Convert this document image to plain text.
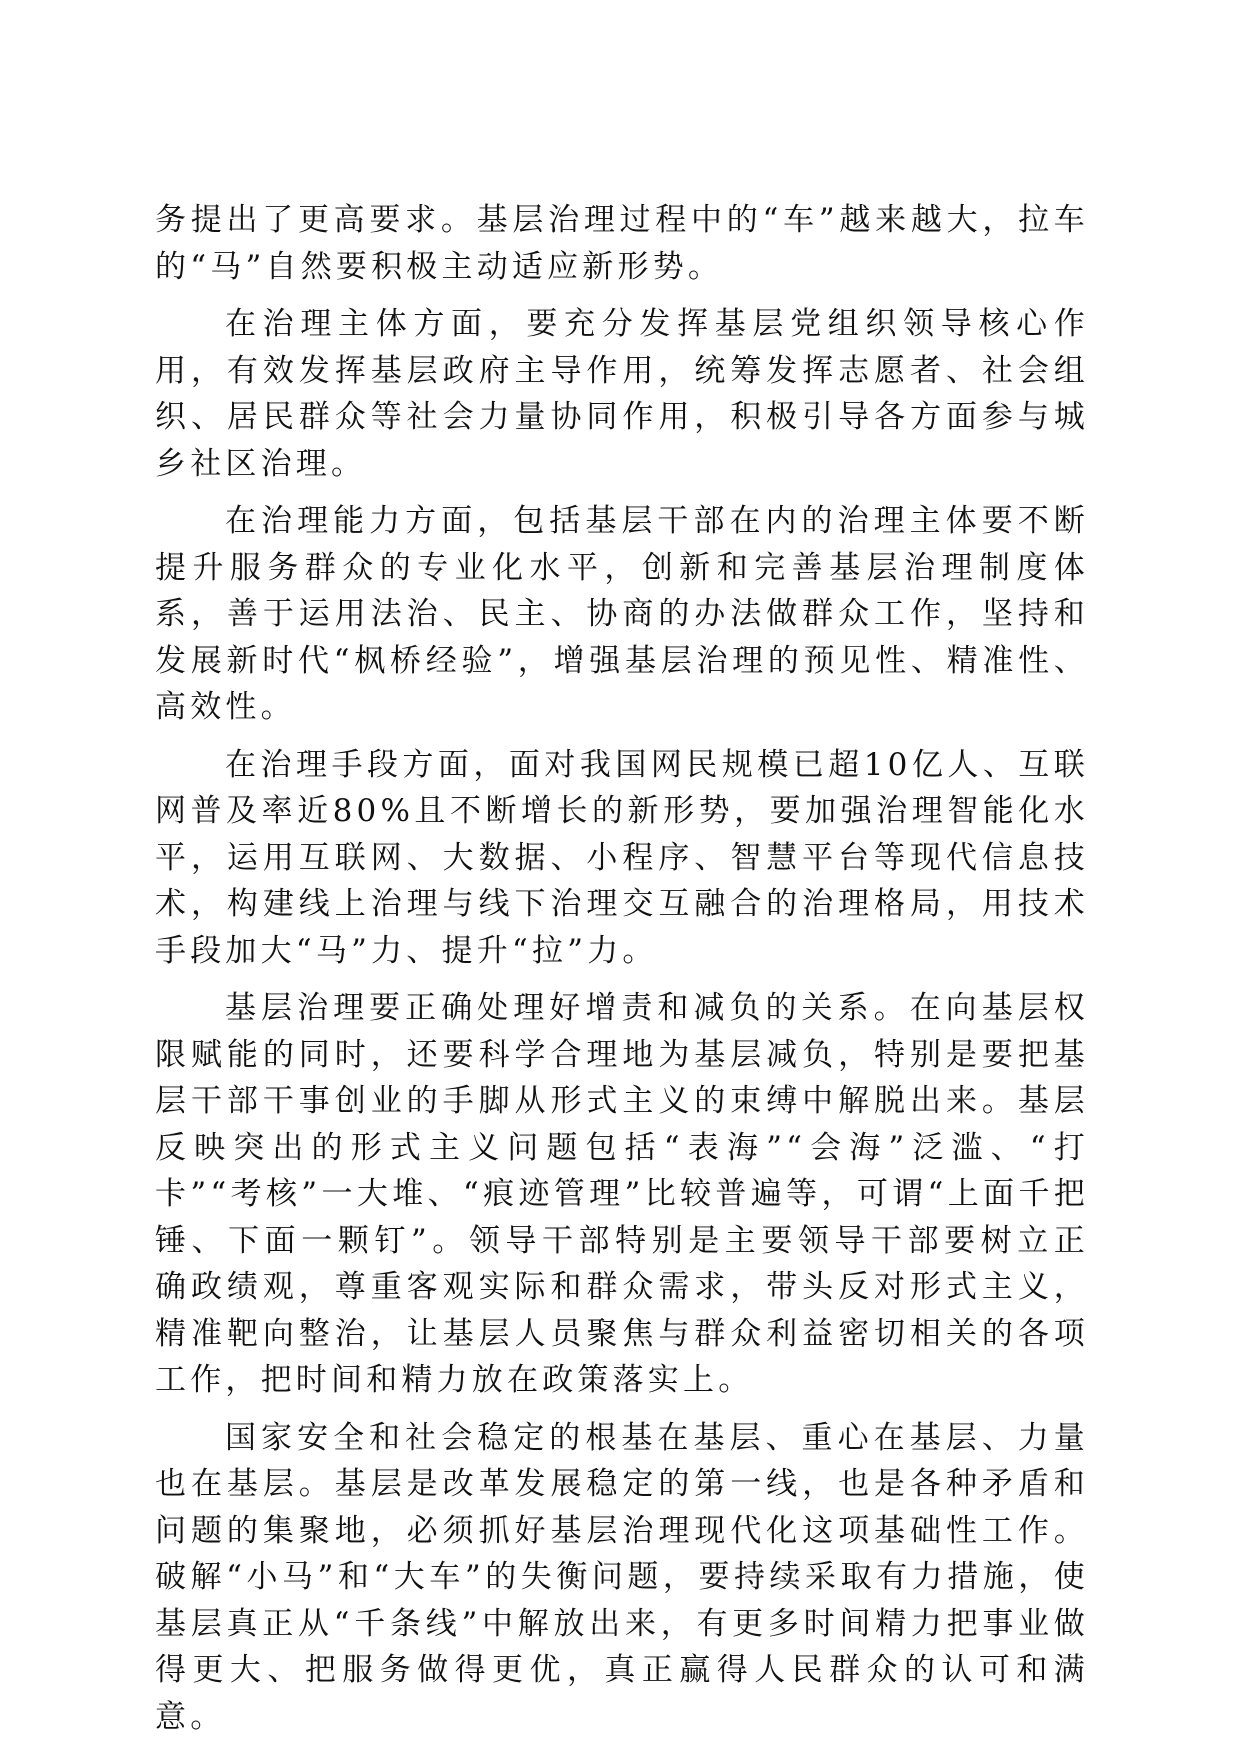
务提出了更高要求。基层治理过程中的“车”越来越大，拉车的“马”自然要积极主动适应新形势。

在治理主体方面，要充分发挥基层党组织领导核心作用，有效发挥基层政府主导作用，统筹发挥志愿者、社会组织、居民群众等社会力量协同作用，积极引导各方面参与城乡社区治理。

在治理能力方面，包括基层干部在内的治理主体要不断提升服务群众的专业化水平，创新和完善基层治理制度体系，善于运用法治、民主、协商的办法做群众工作，坚持和发展新时代“枫桥经验”，增强基层治理的预见性、精准性、高效性。

在治理手段方面，面对我国网民规模已超10亿人、互联网普及率近80%且不断增长的新形势，要加强治理智能化水平，运用互联网、大数据、小程序、智慧平台等现代信息技术，构建线上治理与线下治理交互融合的治理格局，用技术手段加大“马”力、提升“拉”力。

基层治理要正确处理好增责和减负的关系。在向基层权限赋能的同时，还要科学合理地为基层减负，特别是要把基层干部干事创业的手脚从形式主义的束缚中解脱出来。基层反映突出的形式主义问题包括“表海”“会海”泛滥、“打卡”“考核”一大堆、“痕迹管理”比较普遍等，可谓“上面千把锤、下面一颗钉”。领导干部特别是主要领导干部要树立正确政绩观，尊重客观实际和群众需求，带头反对形式主义，精准靶向整治，让基层人员聚焦与群众利益密切相关的各项工作，把时间和精力放在政策落实上。

国家安全和社会稳定的根基在基层、重心在基层、力量也在基层。基层是改革发展稳定的第一线，也是各种矛盾和问题的集聚地，必须抓好基层治理现代化这项基础性工作。破解“小马”和“大车”的失衡问题，要持续采取有力措施，使基层真正从“千条线”中解放出来，有更多时间精力把事业做得更大、把服务做得更优，真正赢得人民群众的认可和满意。
